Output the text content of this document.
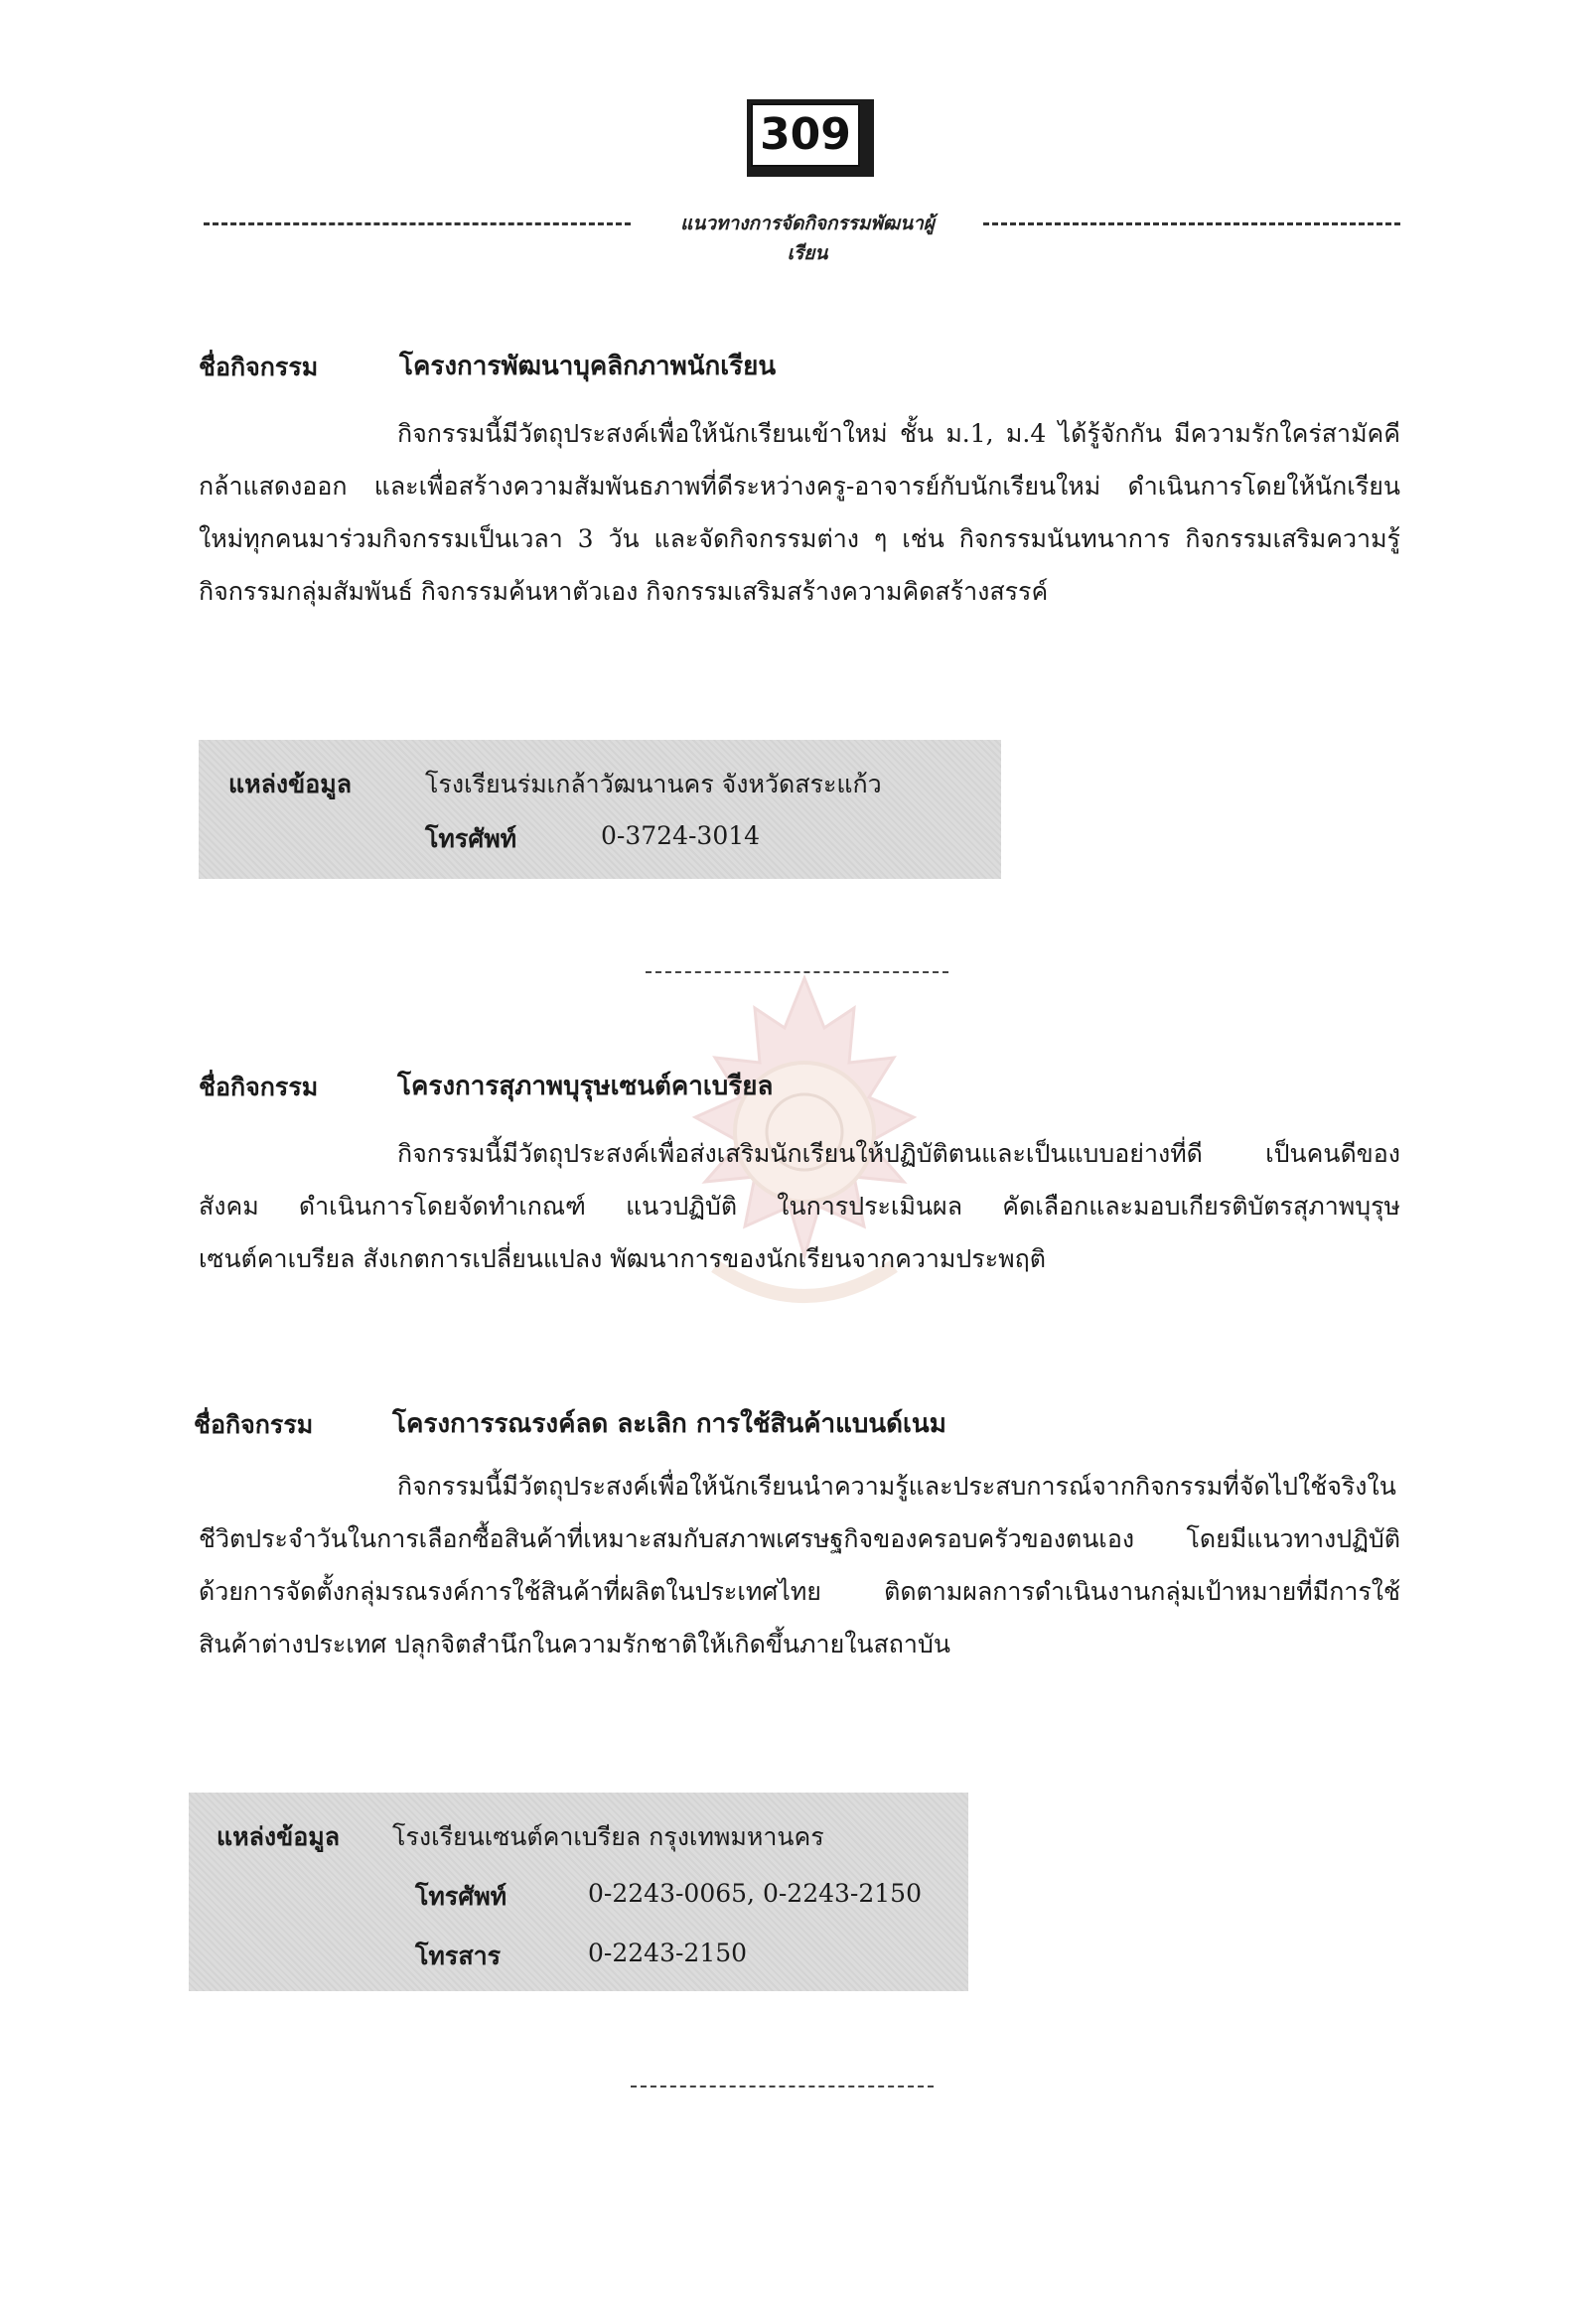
309
แนวทางการจัดกิจกรรมพัฒนาผู้เรียน
ชื่อกิจกรรม	โครงการพัฒนาบุคลิกภาพนักเรียน

กิจกรรมนี้มีวัตถุประสงค์เพื่อให้นักเรียนเข้าใหม่ ชั้น ม.1, ม.4 ได้รู้จักกัน มีความรักใคร่สามัคคี กล้าแสดงออก และเพื่อสร้างความสัมพันธภาพที่ดีระหว่างครู-อาจารย์กับนักเรียนใหม่ ดำเนินการโดยให้นักเรียนใหม่ทุกคนมาร่วมกิจกรรมเป็นเวลา 3 วัน และจัดกิจกรรมต่าง ๆ เช่น กิจกรรมนันทนาการ กิจกรรมเสริมความรู้ กิจกรรมกลุ่มสัมพันธ์ กิจกรรมค้นหาตัวเอง กิจกรรมเสริมสร้างความคิดสร้างสรรค์

แหล่งข้อมูล	โรงเรียนร่มเกล้าวัฒนานคร จังหวัดสระแก้ว
โทรศัพท์	0-3724-3014
ชื่อกิจกรรม	โครงการสุภาพบุรุษเซนต์คาเบรียล

กิจกรรมนี้มีวัตถุประสงค์เพื่อส่งเสริมนักเรียนให้ปฏิบัติตนและเป็นแบบอย่างที่ดี เป็นคนดีของสังคม ดำเนินการโดยจัดทำเกณฑ์ แนวปฏิบัติ ในการประเมินผล คัดเลือกและมอบเกียรติบัตรสุภาพบุรุษเซนต์คาเบรียล สังเกตการเปลี่ยนแปลง พัฒนาการของนักเรียนจากความประพฤติ

ชื่อกิจกรรม	โครงการรณรงค์ลด ละเลิก การใช้สินค้าแบนด์เนม

กิจกรรมนี้มีวัตถุประสงค์เพื่อให้นักเรียนนำความรู้และประสบการณ์จากกิจกรรมที่จัดไปใช้จริงในชีวิตประจำวันในการเลือกซื้อสินค้าที่เหมาะสมกับสภาพเศรษฐกิจของครอบครัวของตนเอง โดยมีแนวทางปฏิบัติด้วยการจัดตั้งกลุ่มรณรงค์การใช้สินค้าที่ผลิตในประเทศไทย ติดตามผลการดำเนินงานกลุ่มเป้าหมายที่มีการใช้สินค้าต่างประเทศ ปลุกจิตสำนึกในความรักชาติให้เกิดขึ้นภายในสถาบัน

แหล่งข้อมูล โรงเรียนเซนต์คาเบรียล กรุงเทพมหานคร
โทรศัพท์	0-2243-0065, 0-2243-2150
โทรสาร	0-2243-2150
